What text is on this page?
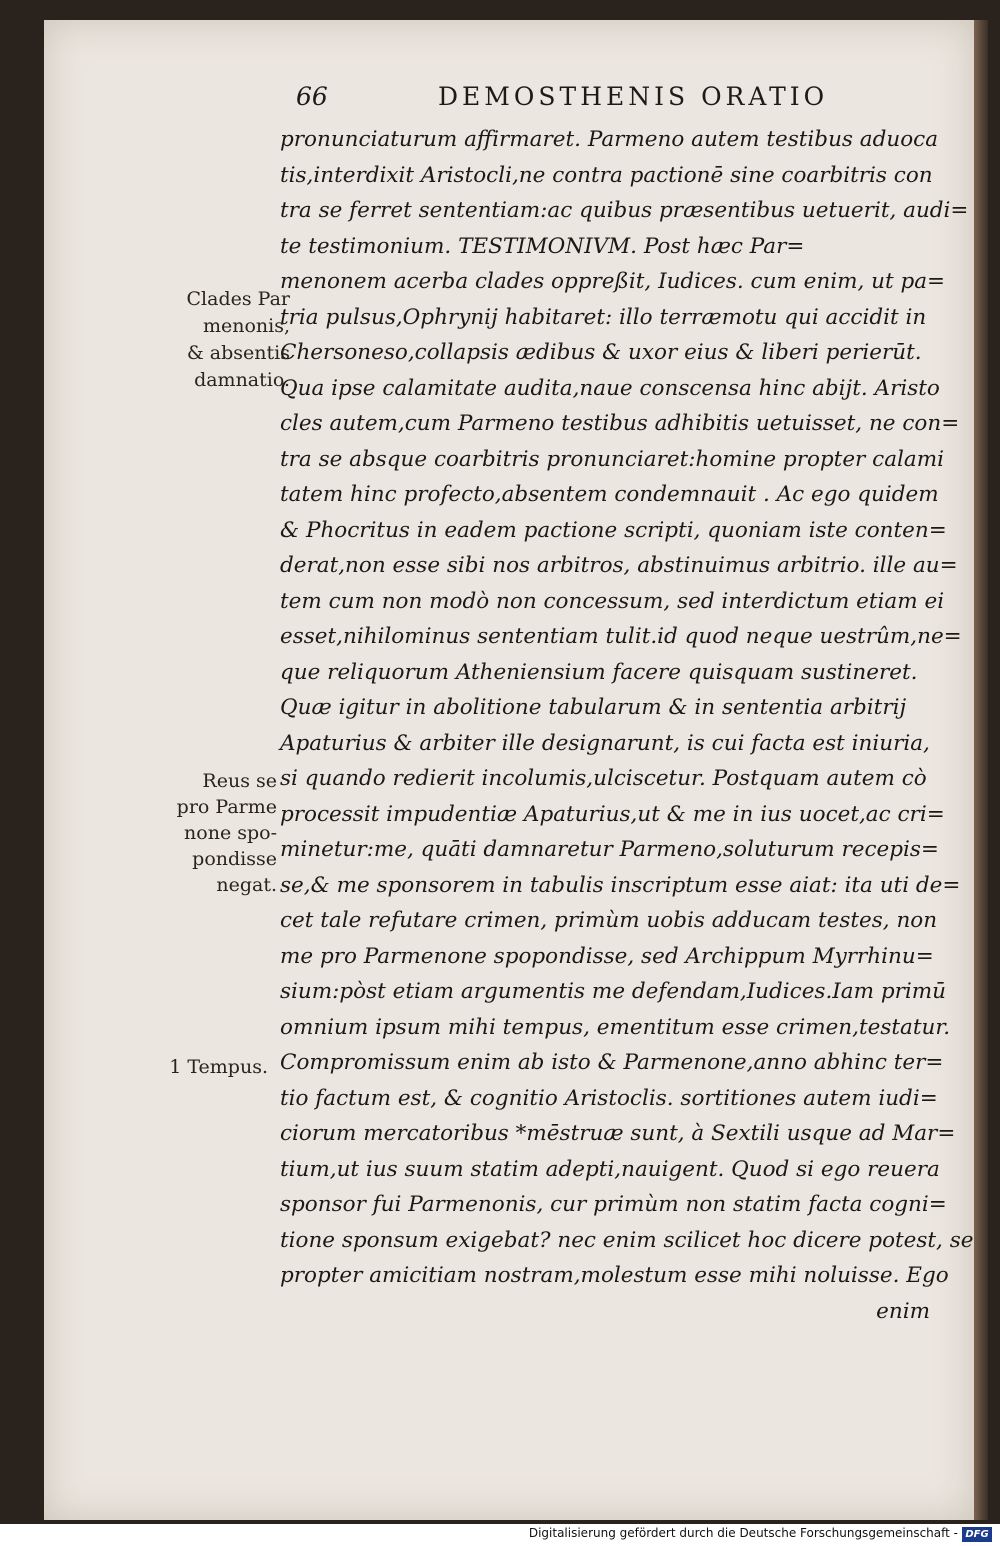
66	DEMOSTHENIS ORATIO
pronunciaturum affirmaret. Parmeno autem testibus aduoca
tis,interdixit Aristocli,ne contra pactionē sine coarbitris con
tra se ferret sententiam:ac quibus præsentibus uetuerit, audi=
te testimonium. TESTIMONIVM. Post hæc Par=
menonem acerba clades oppreßit, Iudices. cum enim, ut pa=
tria pulsus,Ophrynij habitaret: illo terræmotu qui accidit in
Chersoneso,collapsis ædibus & uxor eius & liberi perierūt.
Qua ipse calamitate audita,naue conscensa hinc abijt. Aristo
cles autem,cum Parmeno testibus adhibitis uetuisset, ne con=
tra se absque coarbitris pronunciaret:homine propter calami
tatem hinc profecto,absentem condemnauit . Ac ego quidem
& Phocritus in eadem pactione scripti, quoniam iste conten=
derat,non esse sibi nos arbitros, abstinuimus arbitrio. ille au=
tem cum non modò non concessum, sed interdictum etiam ei
esset,nihilominus sententiam tulit.id quod neque uestrûm,ne=
que reliquorum Atheniensium facere quisquam sustineret.
Quæ igitur in abolitione tabularum & in sententia arbitrij
Apaturius & arbiter ille designarunt, is cui facta est iniuria,
si quando redierit incolumis,ulciscetur. Postquam autem cò
processit impudentiæ Apaturius,ut & me in ius uocet,ac cri=
minetur:me, quāti damnaretur Parmeno,soluturum recepis=
se,& me sponsorem in tabulis inscriptum esse aiat: ita uti de=
cet tale refutare crimen, primùm uobis adducam testes, non
me pro Parmenone spopondisse, sed Archippum Myrrhinu=
sium:pòst etiam argumentis me defendam,Iudices.Iam primū
omnium ipsum mihi tempus, ementitum esse crimen,testatur.
Compromissum enim ab isto & Parmenone,anno abhinc ter=
tio factum est, & cognitio Aristoclis. sortitiones autem iudi=
ciorum mercatoribus *mēstruæ sunt, à Sextili usque ad Mar=
tium,ut ius suum statim adepti,nauigent. Quod si ego reuera
sponsor fui Parmenonis, cur primùm non statim facta cogni=
tione sponsum exigebat? nec enim scilicet hoc dicere potest, se
propter amicitiam nostram,molestum esse mihi noluisse. Ego
enim
Clades Par
menonis,
& absentis
damnatio.
Reus se
pro Parme
none spo-
pondisse
negat.
1 Tempus.
Digitalisierung gefördert durch die Deutsche Forschungsgemeinschaft - DFG
